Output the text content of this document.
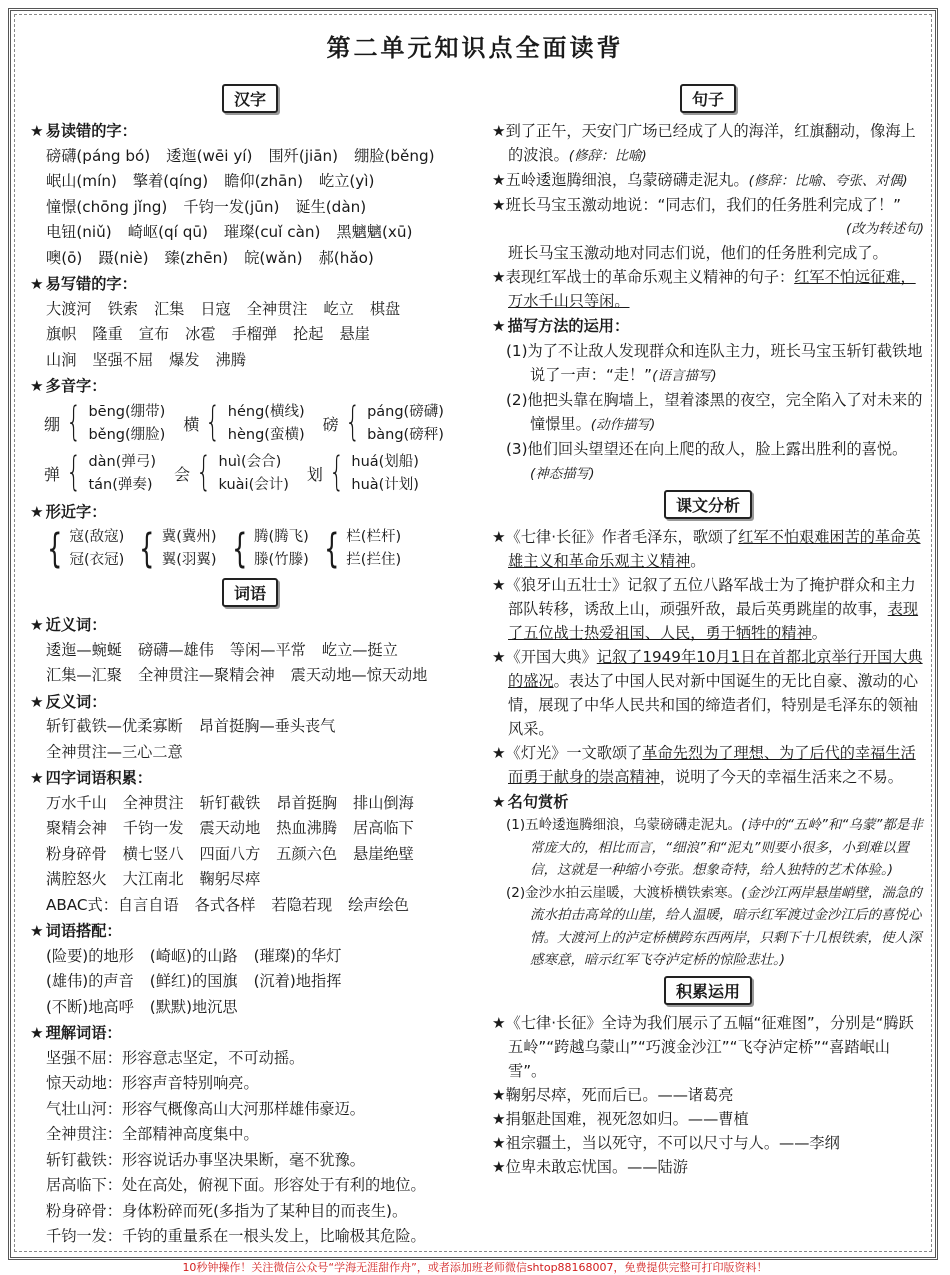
第二单元知识点全面读背
汉字
★ 易读错的字：
磅礴(páng bó) 逶迤(wēi yí) 围歼(jiān) 绷脸(běng)
岷山(mín) 擎着(qíng) 瞻仰(zhān) 屹立(yì)
憧憬(chōng jǐng) 千钧一发(jūn) 诞生(dàn)
电钮(niǔ) 崎岖(qí qū) 璀璨(cuǐ càn) 黑魑魑(xū)
噢(ō) 蹑(niè) 臻(zhēn) 皖(wǎn) 郝(hǎo)
★ 易写错的字：
大渡河 铁索 汇集 日寇 全神贯注 屹立 棋盘
旗帜 隆重 宣布 冰雹 手榴弹 抡起 悬崖
山涧 坚强不屈 爆发 沸腾
★ 多音字：
绷 { bēng(绷带)
běng(绷脸)
横 { héng(横线)
hèng(蛮横)
磅 { páng(磅礴)
bàng(磅秤)
弹 { dàn(弹弓)
tán(弹奏)
会 { huì(会合)
kuài(会计)
划 { huá(划船)
huà(计划)
★ 形近字：
{ 寇(敌寇)
冠(衣冠) { 冀(冀州)
翼(羽翼) { 腾(腾飞)
滕(竹滕) { 栏(栏杆)
拦(拦住)
词语
★ 近义词：
逶迤—蜿蜒 磅礴—雄伟 等闲—平常 屹立—挺立
汇集—汇聚 全神贯注—聚精会神 震天动地—惊天动地
★ 反义词：
斩钉截铁—优柔寡断 昂首挺胸—垂头丧气
全神贯注—三心二意
★ 四字词语积累：
万水千山 全神贯注 斩钉截铁 昂首挺胸 排山倒海
聚精会神 千钧一发 震天动地 热血沸腾 居高临下
粉身碎骨 横七竖八 四面八方 五颜六色 悬崖绝壁
满腔怒火 大江南北 鞠躬尽瘁
ABAC式：自言自语 各式各样 若隐若现 绘声绘色
★ 词语搭配：
(险要)的地形 (崎岖)的山路 (璀璨)的华灯
(雄伟)的声音 (鲜红)的国旗 (沉着)地指挥
(不断)地高呼 (默默)地沉思
★ 理解词语：
坚强不屈：形容意志坚定，不可动摇。
惊天动地：形容声音特别响亮。
气壮山河：形容气概像高山大河那样雄伟豪迈。
全神贯注：全部精神高度集中。
斩钉截铁：形容说话办事坚决果断，毫不犹豫。
居高临下：处在高处，俯视下面。形容处于有利的地位。
粉身碎骨：身体粉碎而死(多指为了某种目的而丧生)。
千钧一发：千钧的重量系在一根头发上，比喻极其危险。
句子
★ 到了正午，天安门广场已经成了人的海洋，红旗翻动，像海上的波浪。(修辞：比喻)
★ 五岭逶迤腾细浪，乌蒙磅礴走泥丸。(修辞：比喻、夸张、对偶)
★ 班长马宝玉激动地说：“同志们，我们的任务胜利完成了！”
(改为转述句)
班长马宝玉激动地对同志们说，他们的任务胜利完成了。
★ 表现红军战士的革命乐观主义精神的句子：红军不怕远征难，万水千山只等闲。
★ 描写方法的运用：
(1)为了不让敌人发现群众和连队主力，班长马宝玉斩钉截铁地说了一声：“走！”(语言描写)
(2)他把头靠在胸墙上，望着漆黑的夜空，完全陷入了对未来的憧憬里。(动作描写)
(3)他们回头望望还在向上爬的敌人，脸上露出胜利的喜悦。(神态描写)
课文分析
★ 《七律·长征》作者毛泽东，歌颂了红军不怕艰难困苦的革命英雄主义和革命乐观主义精神。
★ 《狼牙山五壮士》记叙了五位八路军战士为了掩护群众和主力部队转移，诱敌上山，顽强歼敌，最后英勇跳崖的故事，表现了五位战士热爱祖国、人民，勇于牺牲的精神。
★ 《开国大典》记叙了1949年10月1日在首都北京举行开国大典的盛况。表达了中国人民对新中国诞生的无比自豪、激动的心情，展现了中华人民共和国的缔造者们，特别是毛泽东的领袖风采。
★ 《灯光》一文歌颂了革命先烈为了理想、为了后代的幸福生活而勇于献身的崇高精神，说明了今天的幸福生活来之不易。
★ 名句赏析
(1)五岭逶迤腾细浪，乌蒙磅礴走泥丸。(诗中的“五岭”和“乌蒙”都是非常庞大的，相比而言，“细浪”和“泥丸”则要小很多，小到难以置信，这就是一种缩小夸张。想象奇特，给人独特的艺术体验。)
(2)金沙水拍云崖暖，大渡桥横铁索寒。(金沙江两岸悬崖峭壁，湍急的流水拍击高耸的山崖，给人温暖，暗示红军渡过金沙江后的喜悦心情。大渡河上的泸定桥横跨东西两岸，只剩下十几根铁索，使人深感寒意，暗示红军飞夺泸定桥的惊险悲壮。)
积累运用
★ 《七律·长征》全诗为我们展示了五幅“征难图”，分别是“腾跃五岭”“跨越乌蒙山”“巧渡金沙江”“飞夺泸定桥”“喜踏岷山雪”。
★ 鞠躬尽瘁，死而后已。——诸葛亮
★ 捐躯赴国难，视死忽如归。——曹植
★ 祖宗疆土，当以死守，不可以尺寸与人。——李纲
★ 位卑未敢忘忧国。——陆游
10秒钟操作！关注微信公众号“学海无涯甜作舟”，或者添加班老师微信shtop88168007，免费提供完整可打印版资料！
